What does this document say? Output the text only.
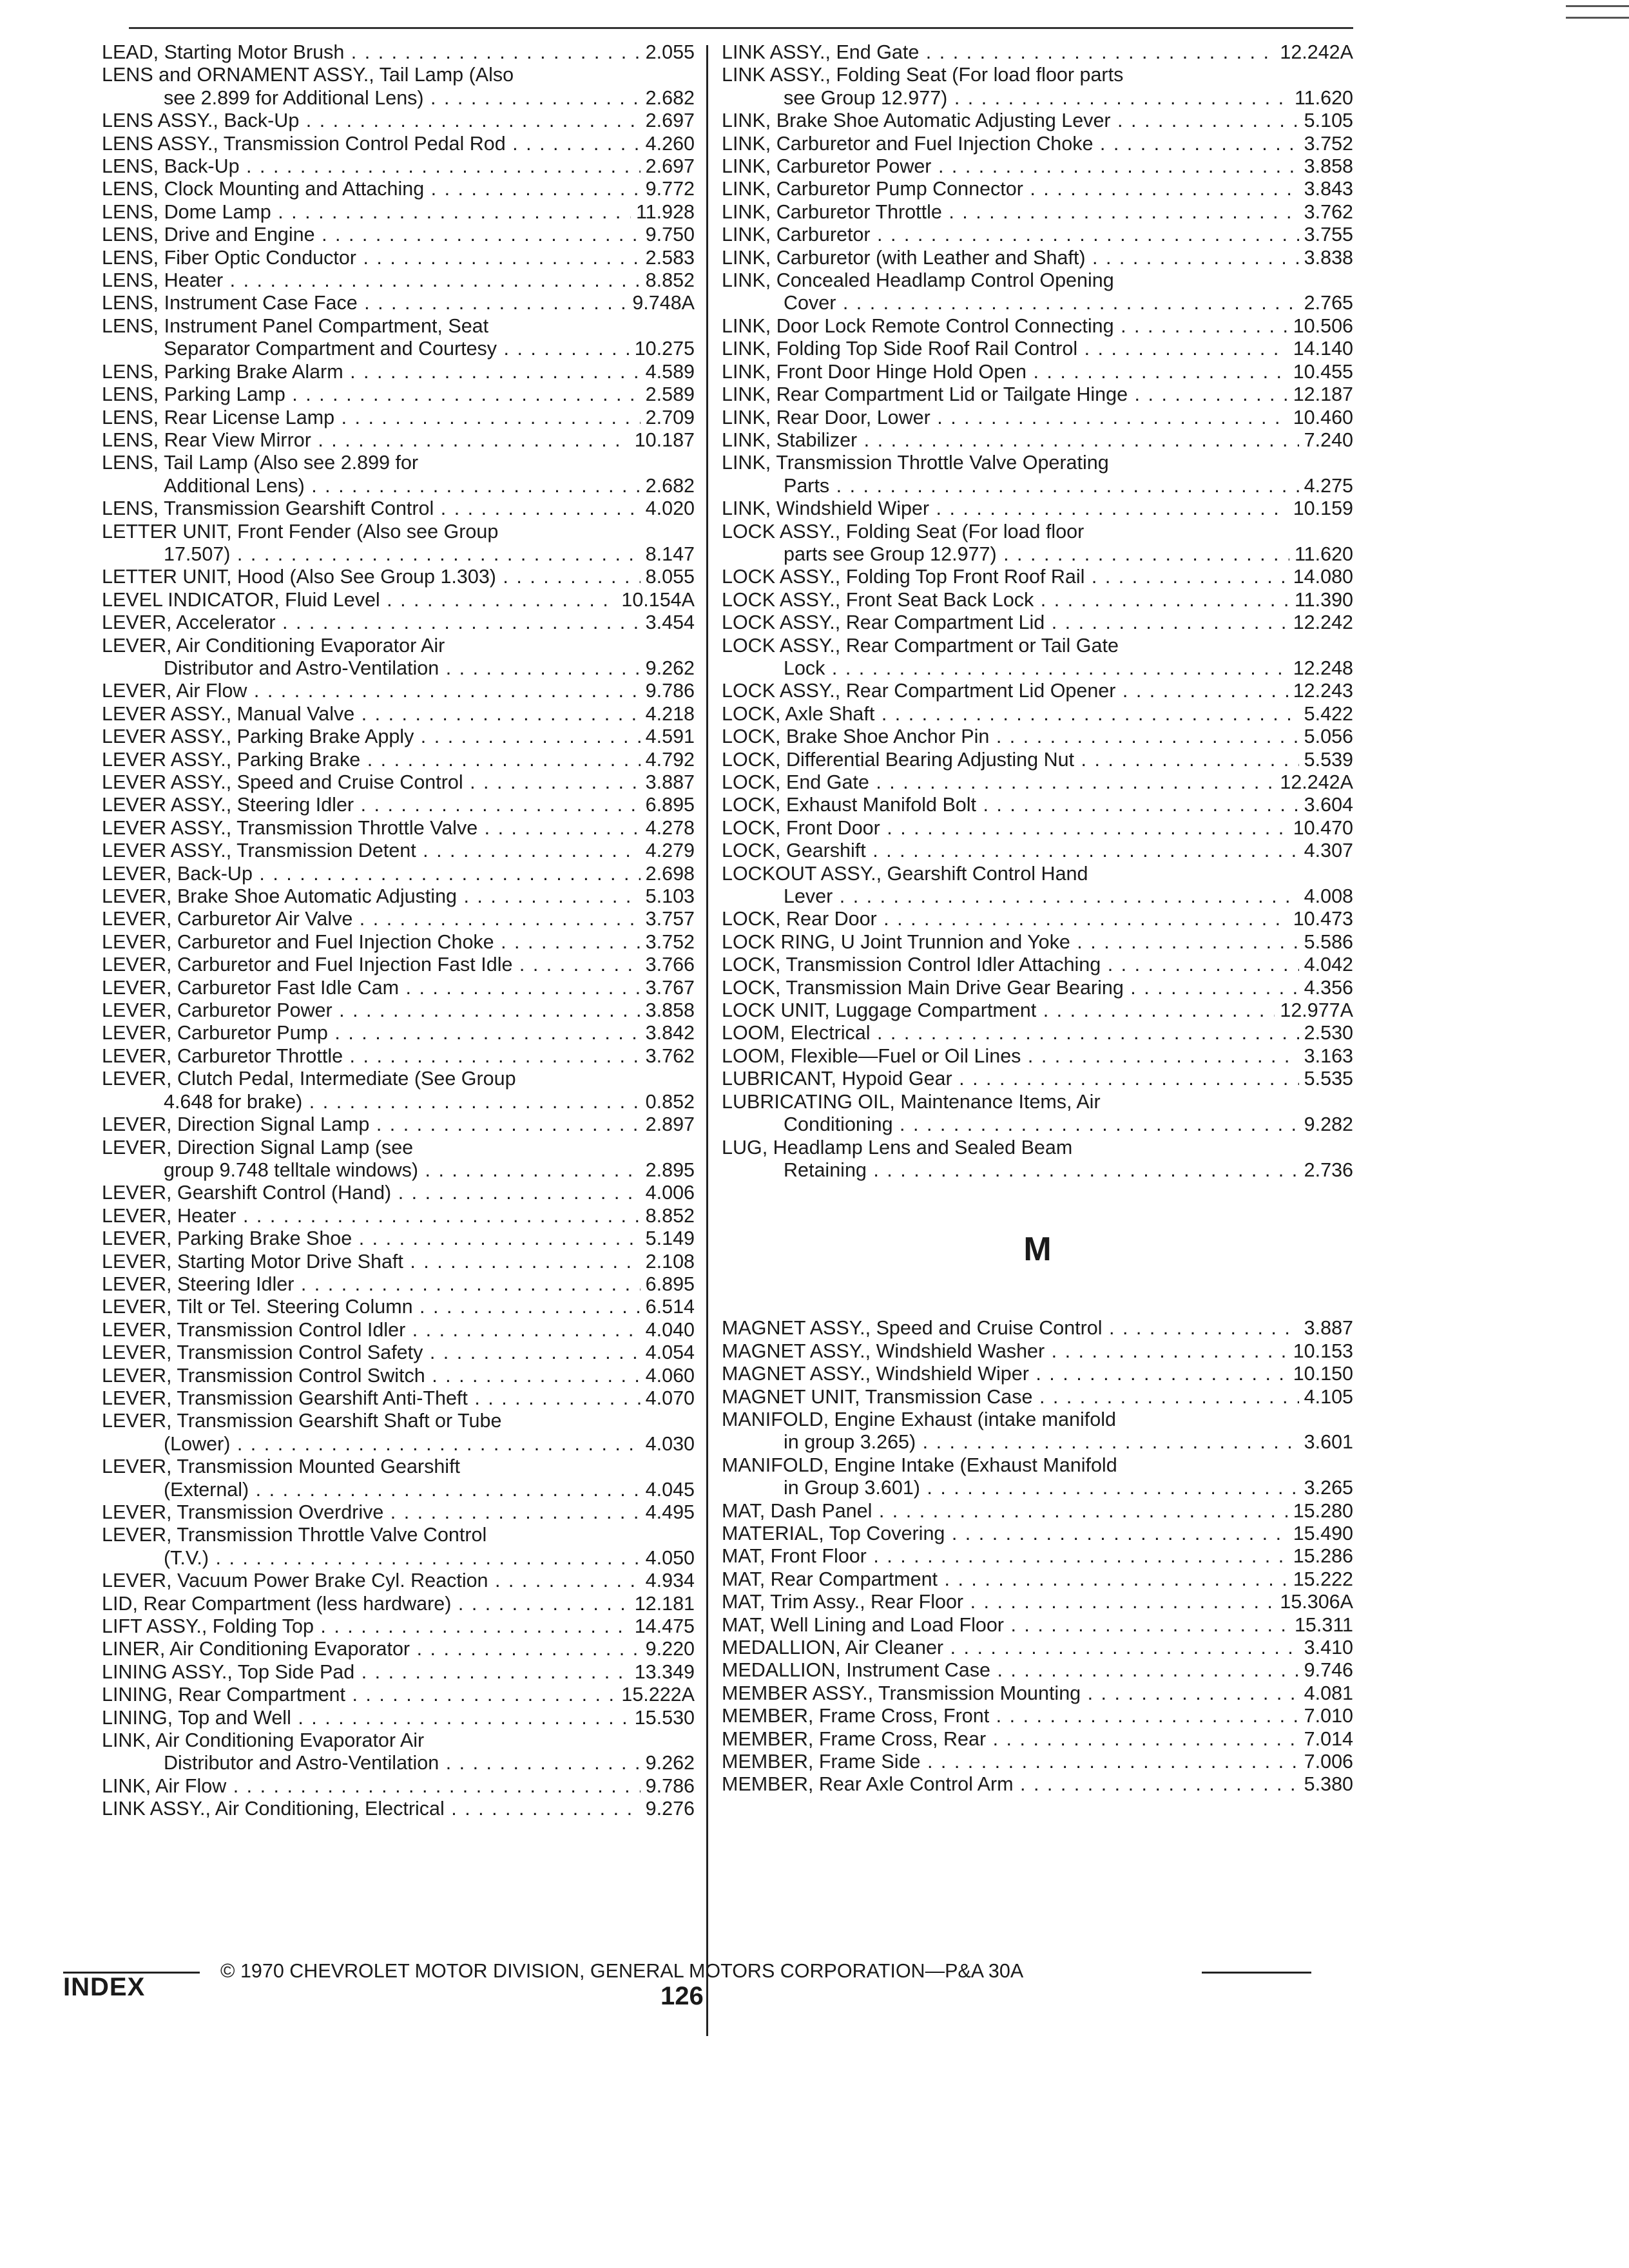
LEAD, Starting Motor Brush . . .	2.055
LENS and ORNAMENT ASSY., Tail Lamp (Also
see 2.899 for Additional Lens) . . .	2.682
LENS ASSY., Back-Up . . .	2.697
LENS ASSY., Transmission Control Pedal Rod . . .	4.260
LENS, Back-Up . . .	2.697
LENS, Clock Mounting and Attaching . . .	9.772
LENS, Dome Lamp . . .	11.928
LENS, Drive and Engine . . .	9.750
LENS, Fiber Optic Conductor . . .	2.583
LENS, Heater . . .	8.852
LENS, Instrument Case Face . . .	9.748A
LENS, Instrument Panel Compartment, Seat
Separator Compartment and Courtesy . . .	10.275
LENS, Parking Brake Alarm . . .	4.589
LENS, Parking Lamp . . .	2.589
LENS, Rear License Lamp . . .	2.709
LENS, Rear View Mirror . . .	10.187
LENS, Tail Lamp (Also see 2.899 for
Additional Lens) . . .	2.682
LENS, Transmission Gearshift Control . . .	4.020
LETTER UNIT, Front Fender (Also see Group
17.507) . . .	8.147
LETTER UNIT, Hood (Also See Group 1.303) . . .	8.055
LEVEL INDICATOR, Fluid Level . . .	10.154A
LEVER, Accelerator . . .	3.454
LEVER, Air Conditioning Evaporator Air
Distributor and Astro-Ventilation . . .	9.262
LEVER, Air Flow . . .	9.786
LEVER ASSY., Manual Valve . . .	4.218
LEVER ASSY., Parking Brake Apply . . .	4.591
LEVER ASSY., Parking Brake . . .	4.792
LEVER ASSY., Speed and Cruise Control . . .	3.887
LEVER ASSY., Steering Idler . . .	6.895
LEVER ASSY., Transmission Throttle Valve . . .	4.278
LEVER ASSY., Transmission Detent . . .	4.279
LEVER, Back-Up . . .	2.698
LEVER, Brake Shoe Automatic Adjusting . . .	5.103
LEVER, Carburetor Air Valve . . .	3.757
LEVER, Carburetor and Fuel Injection Choke . . .	3.752
LEVER, Carburetor and Fuel Injection Fast Idle . . .	3.766
LEVER, Carburetor Fast Idle Cam . . .	3.767
LEVER, Carburetor Power . . .	3.858
LEVER, Carburetor Pump . . .	3.842
LEVER, Carburetor Throttle . . .	3.762
LEVER, Clutch Pedal, Intermediate (See Group
4.648 for brake) . . .	0.852
LEVER, Direction Signal Lamp . . .	2.897
LEVER, Direction Signal Lamp (see
group 9.748 telltale windows) . . .	2.895
LEVER, Gearshift Control (Hand) . . .	4.006
LEVER, Heater . . .	8.852
LEVER, Parking Brake Shoe . . .	5.149
LEVER, Starting Motor Drive Shaft . . .	2.108
LEVER, Steering Idler . . .	6.895
LEVER, Tilt or Tel. Steering Column . . .	6.514
LEVER, Transmission Control Idler . . .	4.040
LEVER, Transmission Control Safety . . .	4.054
LEVER, Transmission Control Switch . . .	4.060
LEVER, Transmission Gearshift Anti-Theft . . .	4.070
LEVER, Transmission Gearshift Shaft or Tube
(Lower) . . .	4.030
LEVER, Transmission Mounted Gearshift
(External) . . .	4.045
LEVER, Transmission Overdrive . . .	4.495
LEVER, Transmission Throttle Valve Control
(T.V.) . . .	4.050
LEVER, Vacuum Power Brake Cyl. Reaction . . .	4.934
LID, Rear Compartment (less hardware) . . .	12.181
LIFT ASSY., Folding Top . . .	14.475
LINER, Air Conditioning Evaporator . . .	9.220
LINING ASSY., Top Side Pad . . .	13.349
LINING, Rear Compartment . . .	15.222A
LINING, Top and Well . . .	15.530
LINK, Air Conditioning Evaporator Air
Distributor and Astro-Ventilation . . .	9.262
LINK, Air Flow . . .	9.786
LINK ASSY., Air Conditioning, Electrical . . .	9.276
LINK ASSY., End Gate . . .	12.242A
LINK ASSY., Folding Seat (For load floor parts
see Group 12.977) . . .	11.620
LINK, Brake Shoe Automatic Adjusting Lever . . .	5.105
LINK, Carburetor and Fuel Injection Choke . . .	3.752
LINK, Carburetor Power . . .	3.858
LINK, Carburetor Pump Connector . . .	3.843
LINK, Carburetor Throttle . . .	3.762
LINK, Carburetor . . .	3.755
LINK, Carburetor (with Leather and Shaft) . . .	3.838
LINK, Concealed Headlamp Control Opening
Cover . . .	2.765
LINK, Door Lock Remote Control Connecting . . .	10.506
LINK, Folding Top Side Roof Rail Control . . .	14.140
LINK, Front Door Hinge Hold Open . . .	10.455
LINK, Rear Compartment Lid or Tailgate Hinge . . .	12.187
LINK, Rear Door, Lower . . .	10.460
LINK, Stabilizer . . .	7.240
LINK, Transmission Throttle Valve Operating
Parts . . .	4.275
LINK, Windshield Wiper . . .	10.159
LOCK ASSY., Folding Seat (For load floor
parts see Group 12.977) . . .	11.620
LOCK ASSY., Folding Top Front Roof Rail . . .	14.080
LOCK ASSY., Front Seat Back Lock . . .	11.390
LOCK ASSY., Rear Compartment Lid . . .	12.242
LOCK ASSY., Rear Compartment or Tail Gate
Lock . . .	12.248
LOCK ASSY., Rear Compartment Lid Opener . . .	12.243
LOCK, Axle Shaft . . .	5.422
LOCK, Brake Shoe Anchor Pin . . .	5.056
LOCK, Differential Bearing Adjusting Nut . . .	5.539
LOCK, End Gate . . .	12.242A
LOCK, Exhaust Manifold Bolt . . .	3.604
LOCK, Front Door . . .	10.470
LOCK, Gearshift . . .	4.307
LOCKOUT ASSY., Gearshift Control Hand
Lever . . .	4.008
LOCK, Rear Door . . .	10.473
LOCK RING, U Joint Trunnion and Yoke . . .	5.586
LOCK, Transmission Control Idler Attaching . . .	4.042
LOCK, Transmission Main Drive Gear Bearing . . .	4.356
LOCK UNIT, Luggage Compartment . . .	12.977A
LOOM, Electrical . . .	2.530
LOOM, Flexible—Fuel or Oil Lines . . .	3.163
LUBRICANT, Hypoid Gear . . .	5.535
LUBRICATING OIL, Maintenance Items, Air
Conditioning . . .	9.282
LUG, Headlamp Lens and Sealed Beam
Retaining . . .	2.736
M
MAGNET ASSY., Speed and Cruise Control . . .	3.887
MAGNET ASSY., Windshield Washer . . .	10.153
MAGNET ASSY., Windshield Wiper . . .	10.150
MAGNET UNIT, Transmission Case . . .	4.105
MANIFOLD, Engine Exhaust (intake manifold
in group 3.265) . . .	3.601
MANIFOLD, Engine Intake (Exhaust Manifold
in Group 3.601) . . .	3.265
MAT, Dash Panel . . .	15.280
MATERIAL, Top Covering . . .	15.490
MAT, Front Floor . . .	15.286
MAT, Rear Compartment . . .	15.222
MAT, Trim Assy., Rear Floor . . .	15.306A
MAT, Well Lining and Load Floor . . .	15.311
MEDALLION, Air Cleaner . . .	3.410
MEDALLION, Instrument Case . . .	9.746
MEMBER ASSY., Transmission Mounting . . .	4.081
MEMBER, Frame Cross, Front . . .	7.010
MEMBER, Frame Cross, Rear . . .	7.014
MEMBER, Frame Side . . .	7.006
MEMBER, Rear Axle Control Arm . . .	5.380
INDEX
© 1970 CHEVROLET MOTOR DIVISION, GENERAL MOTORS CORPORATION—P&A 30A
126
